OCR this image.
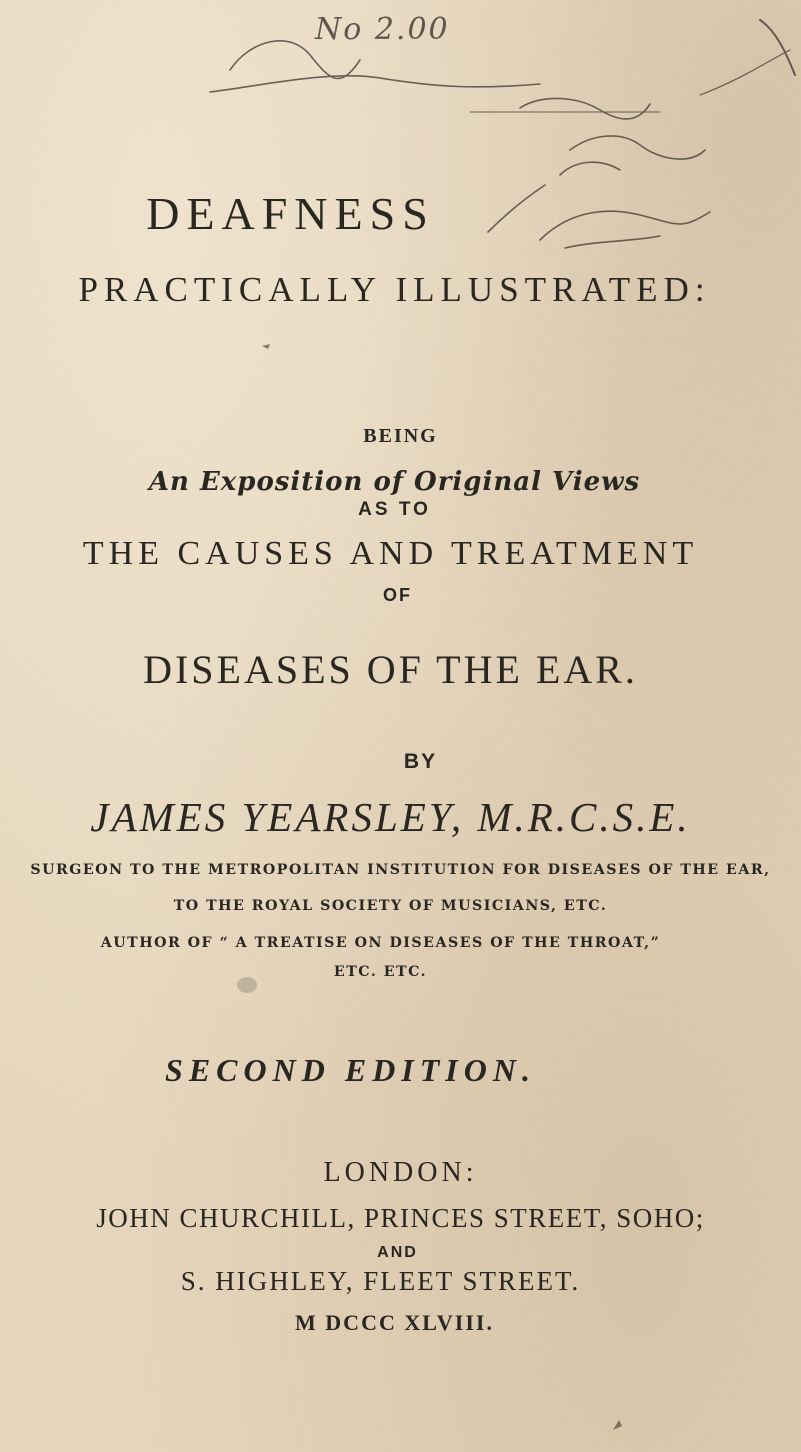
No 2.00
DEAFNESS
PRACTICALLY ILLUSTRATED:
BEING
An Exposition of Original Views
AS TO
THE CAUSES AND TREATMENT
OF
DISEASES OF THE EAR.
BY
JAMES YEARSLEY, M.R.C.S.E.
SURGEON TO THE METROPOLITAN INSTITUTION FOR DISEASES OF THE EAR,
TO THE ROYAL SOCIETY OF MUSICIANS, ETC.
AUTHOR OF “ A TREATISE ON DISEASES OF THE THROAT,”
ETC. ETC.
SECOND EDITION.
LONDON:
JOHN CHURCHILL, PRINCES STREET, SOHO;
AND
S. HIGHLEY, FLEET STREET.
M DCCC XLVIII.
